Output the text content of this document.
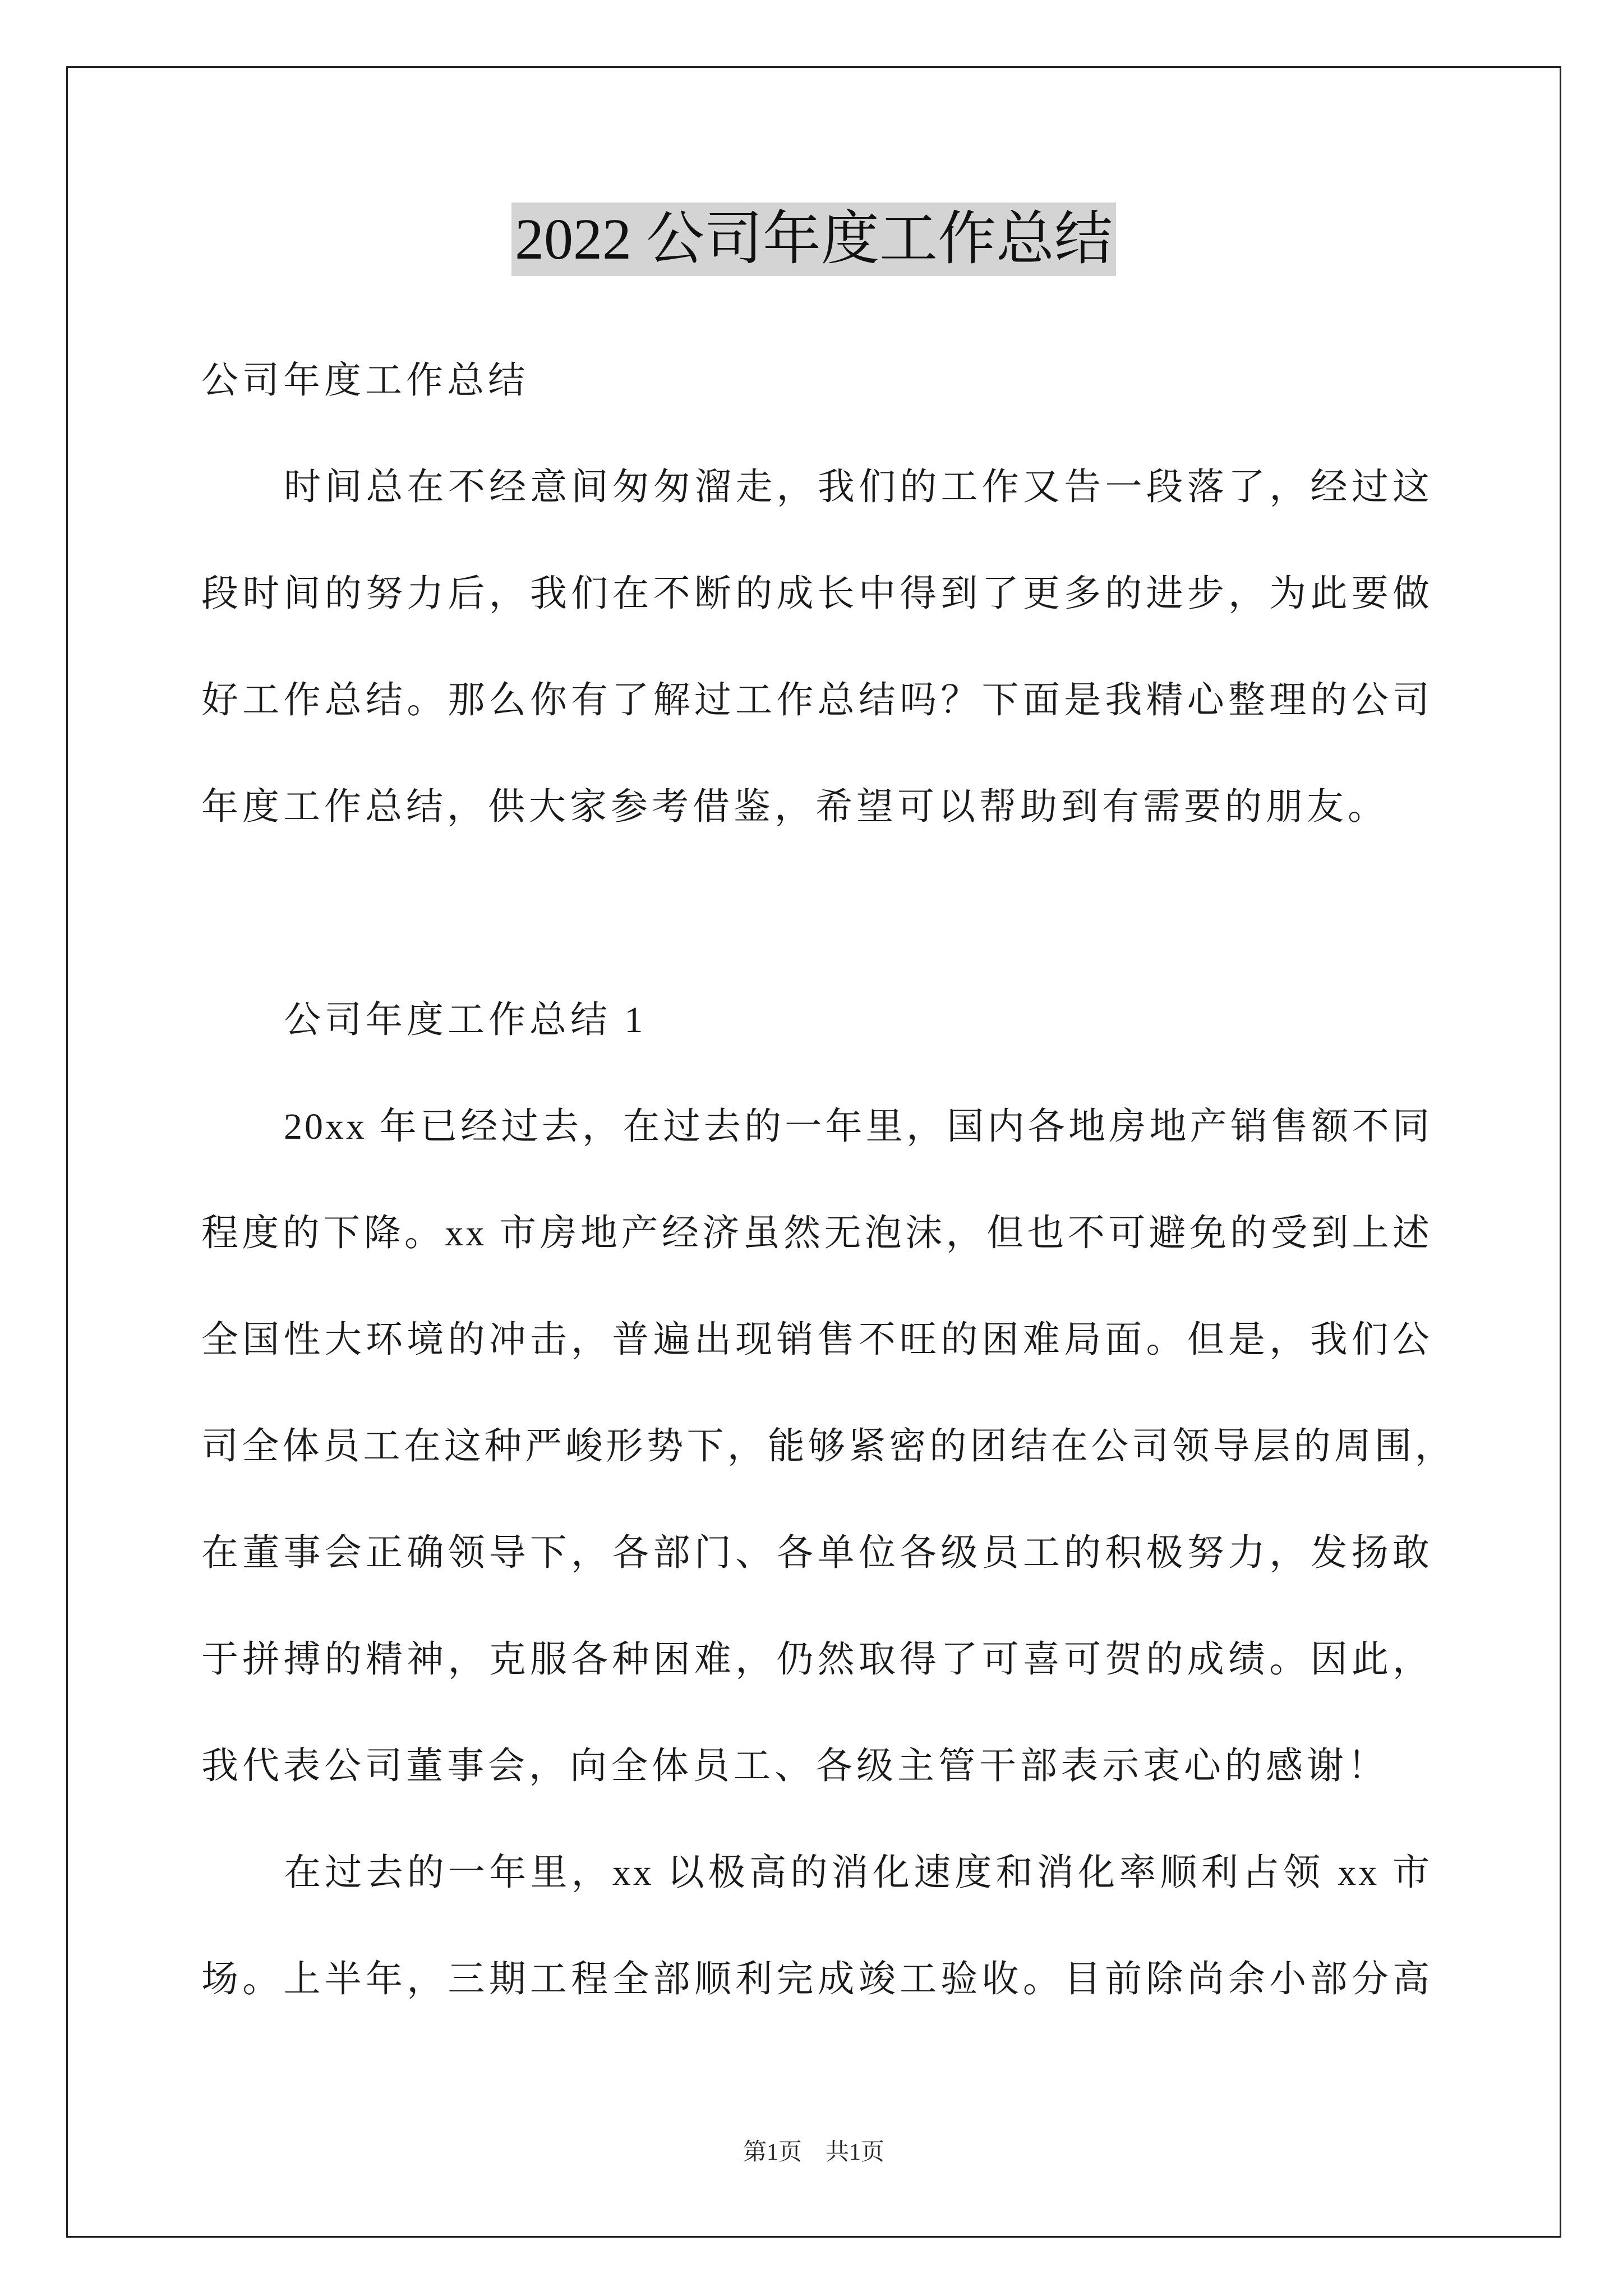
2022 公司年度工作总结
公司年度工作总结
时间总在不经意间匆匆溜走，我们的工作又告一段落了，经过这
段时间的努力后，我们在不断的成长中得到了更多的进步，为此要做
好工作总结。那么你有了解过工作总结吗？下面是我精心整理的公司
年度工作总结，供大家参考借鉴，希望可以帮助到有需要的朋友。
公司年度工作总结 1
20xx 年已经过去，在过去的一年里，国内各地房地产销售额不同
程度的下降。xx 市房地产经济虽然无泡沫，但也不可避免的受到上述
全国性大环境的冲击，普遍出现销售不旺的困难局面。但是，我们公
司全体员工在这种严峻形势下，能够紧密的团结在公司领导层的周围，
在董事会正确领导下，各部门、各单位各级员工的积极努力，发扬敢
于拼搏的精神，克服各种困难，仍然取得了可喜可贺的成绩。因此，
我代表公司董事会，向全体员工、各级主管干部表示衷心的感谢！
在过去的一年里，xx 以极高的消化速度和消化率顺利占领 xx 市
场。上半年，三期工程全部顺利完成竣工验收。目前除尚余小部分高
第1页　共1页
